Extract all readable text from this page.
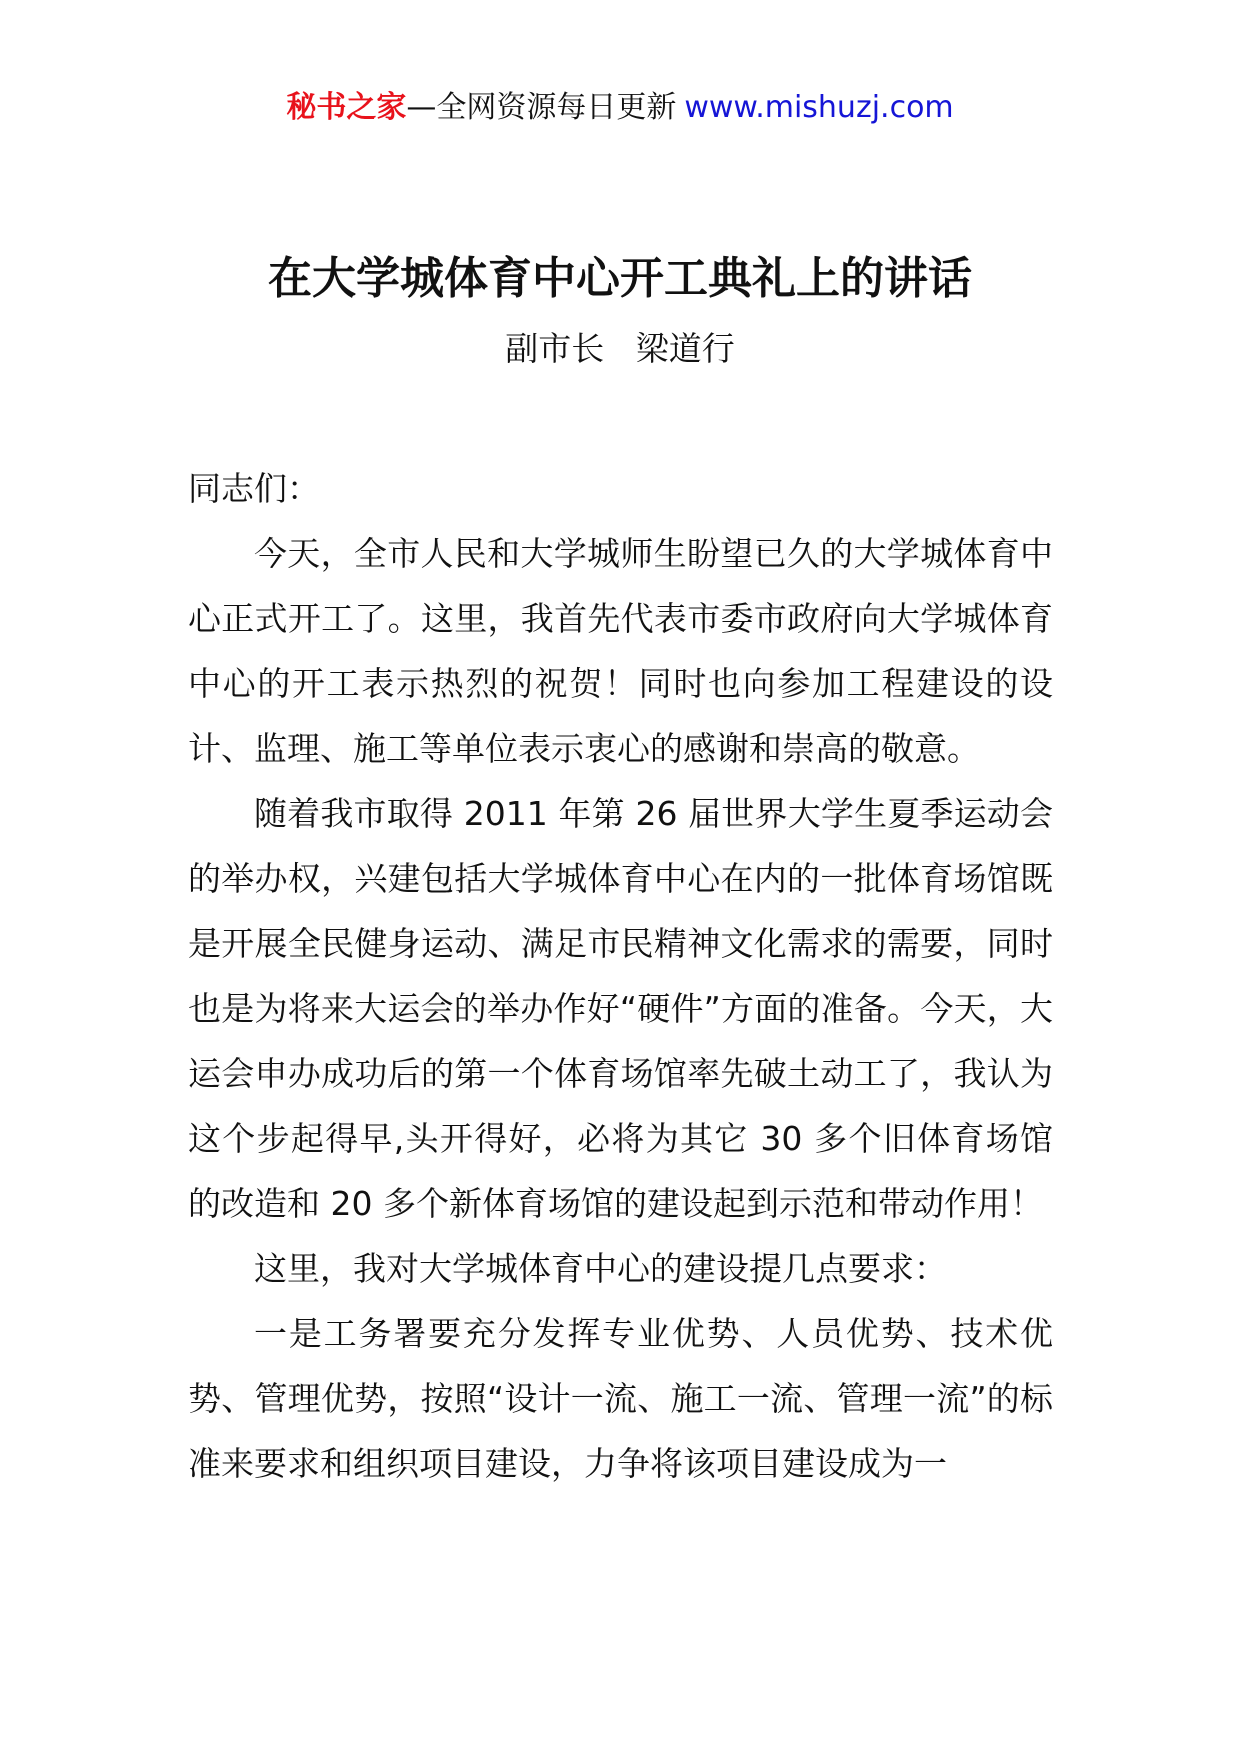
秘书之家—全网资源每日更新 www.mishuzj.com
在大学城体育中心开工典礼上的讲话
副市长   梁道行

同志们：

今天，全市人民和大学城师生盼望已久的大学城体育中心正式开工了。这里，我首先代表市委市政府向大学城体育中心的开工表示热烈的祝贺！同时也向参加工程建设的设计、监理、施工等单位表示衷心的感谢和崇高的敬意。

随着我市取得 2011 年第 26 届世界大学生夏季运动会的举办权，兴建包括大学城体育中心在内的一批体育场馆既是开展全民健身运动、满足市民精神文化需求的需要，同时也是为将来大运会的举办作好“硬件”方面的准备。今天，大运会申办成功后的第一个体育场馆率先破土动工了，我认为这个步起得早,头开得好，必将为其它 30 多个旧体育场馆的改造和 20 多个新体育场馆的建设起到示范和带动作用！

这里，我对大学城体育中心的建设提几点要求：

一是工务署要充分发挥专业优势、人员优势、技术优势、管理优势，按照“设计一流、施工一流、管理一流”的标准来要求和组织项目建设，力争将该项目建设成为一
